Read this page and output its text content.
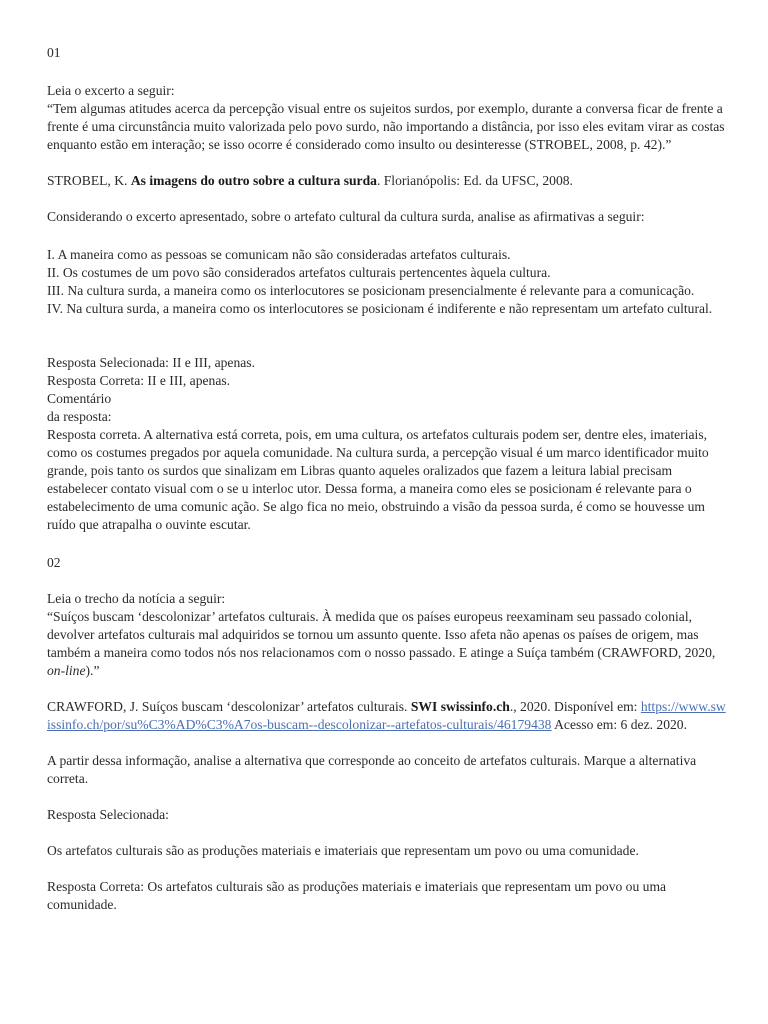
01

Leia o excerto a seguir:

“Tem algumas atitudes acerca da percepção visual entre os sujeitos surdos, por exemplo, durante a conversa ficar de frente a frente é uma circunstância muito valorizada pelo povo surdo, não importando a distância, por isso eles evitam virar as costas enquanto estão em interação; se isso ocorre é considerado como insulto ou desinteresse (STROBEL, 2008, p. 42).”

STROBEL, K. As imagens do outro sobre a cultura surda. Florianópolis: Ed. da UFSC, 2008.

Considerando o excerto apresentado, sobre o artefato cultural da cultura surda, analise as afirmativas a seguir:

I. A maneira como as pessoas se comunicam não são consideradas artefatos culturais.

II. Os costumes de um povo são considerados artefatos culturais pertencentes àquela cultura.

III. Na cultura surda, a maneira como os interlocutores se posicionam presencialmente é relevante para a comunicação.

IV. Na cultura surda, a maneira como os interlocutores se posicionam é indiferente e não representam um artefato cultural.

Resposta Selecionada: II e III, apenas.

Resposta Correta: II e III, apenas.

Comentário

da resposta:

Resposta correta. A alternativa está correta, pois, em uma cultura, os artefatos culturais podem ser, dentre eles, imateriais, como os costumes pregados por aquela comunidade. Na cultura surda, a percepção visual é um marco identificador muito grande, pois tanto os surdos que sinalizam em Libras quanto aqueles oralizados que fazem a leitura labial precisam estabelecer contato visual com o se u interloc utor. Dessa forma, a maneira como eles se posicionam é relevante para o estabelecimento de uma comunic ação. Se algo fica no meio, obstruindo a visão da pessoa surda, é como se houvesse um ruído que atrapalha o ouvinte escutar.

02

Leia o trecho da notícia a seguir:

“Suíços buscam ‘descolonizar’ artefatos culturais. À medida que os países europeus reexaminam seu passado colonial, devolver artefatos culturais mal adquiridos se tornou um assunto quente. Isso afeta não apenas os países de origem, mas também a maneira como todos nós nos relacionamos com o nosso passado. E atinge a Suíça também (CRAWFORD, 2020, on-line).”

CRAWFORD, J. Suíços buscam ‘descolonizar’ artefatos culturais. SWI swissinfo.ch., 2020. Disponível em: https://www.swissinfo.ch/por/su%C3%AD%C3%A7os-buscam--descolonizar--artefatos-culturais/46179438 Acesso em: 6 dez. 2020.

A partir dessa informação, analise a alternativa que corresponde ao conceito de artefatos culturais. Marque a alternativa correta.

Resposta Selecionada:

Os artefatos culturais são as produções materiais e imateriais que representam um povo ou uma comunidade.

Resposta Correta: Os artefatos culturais são as produções materiais e imateriais que representam um povo ou uma comunidade.
